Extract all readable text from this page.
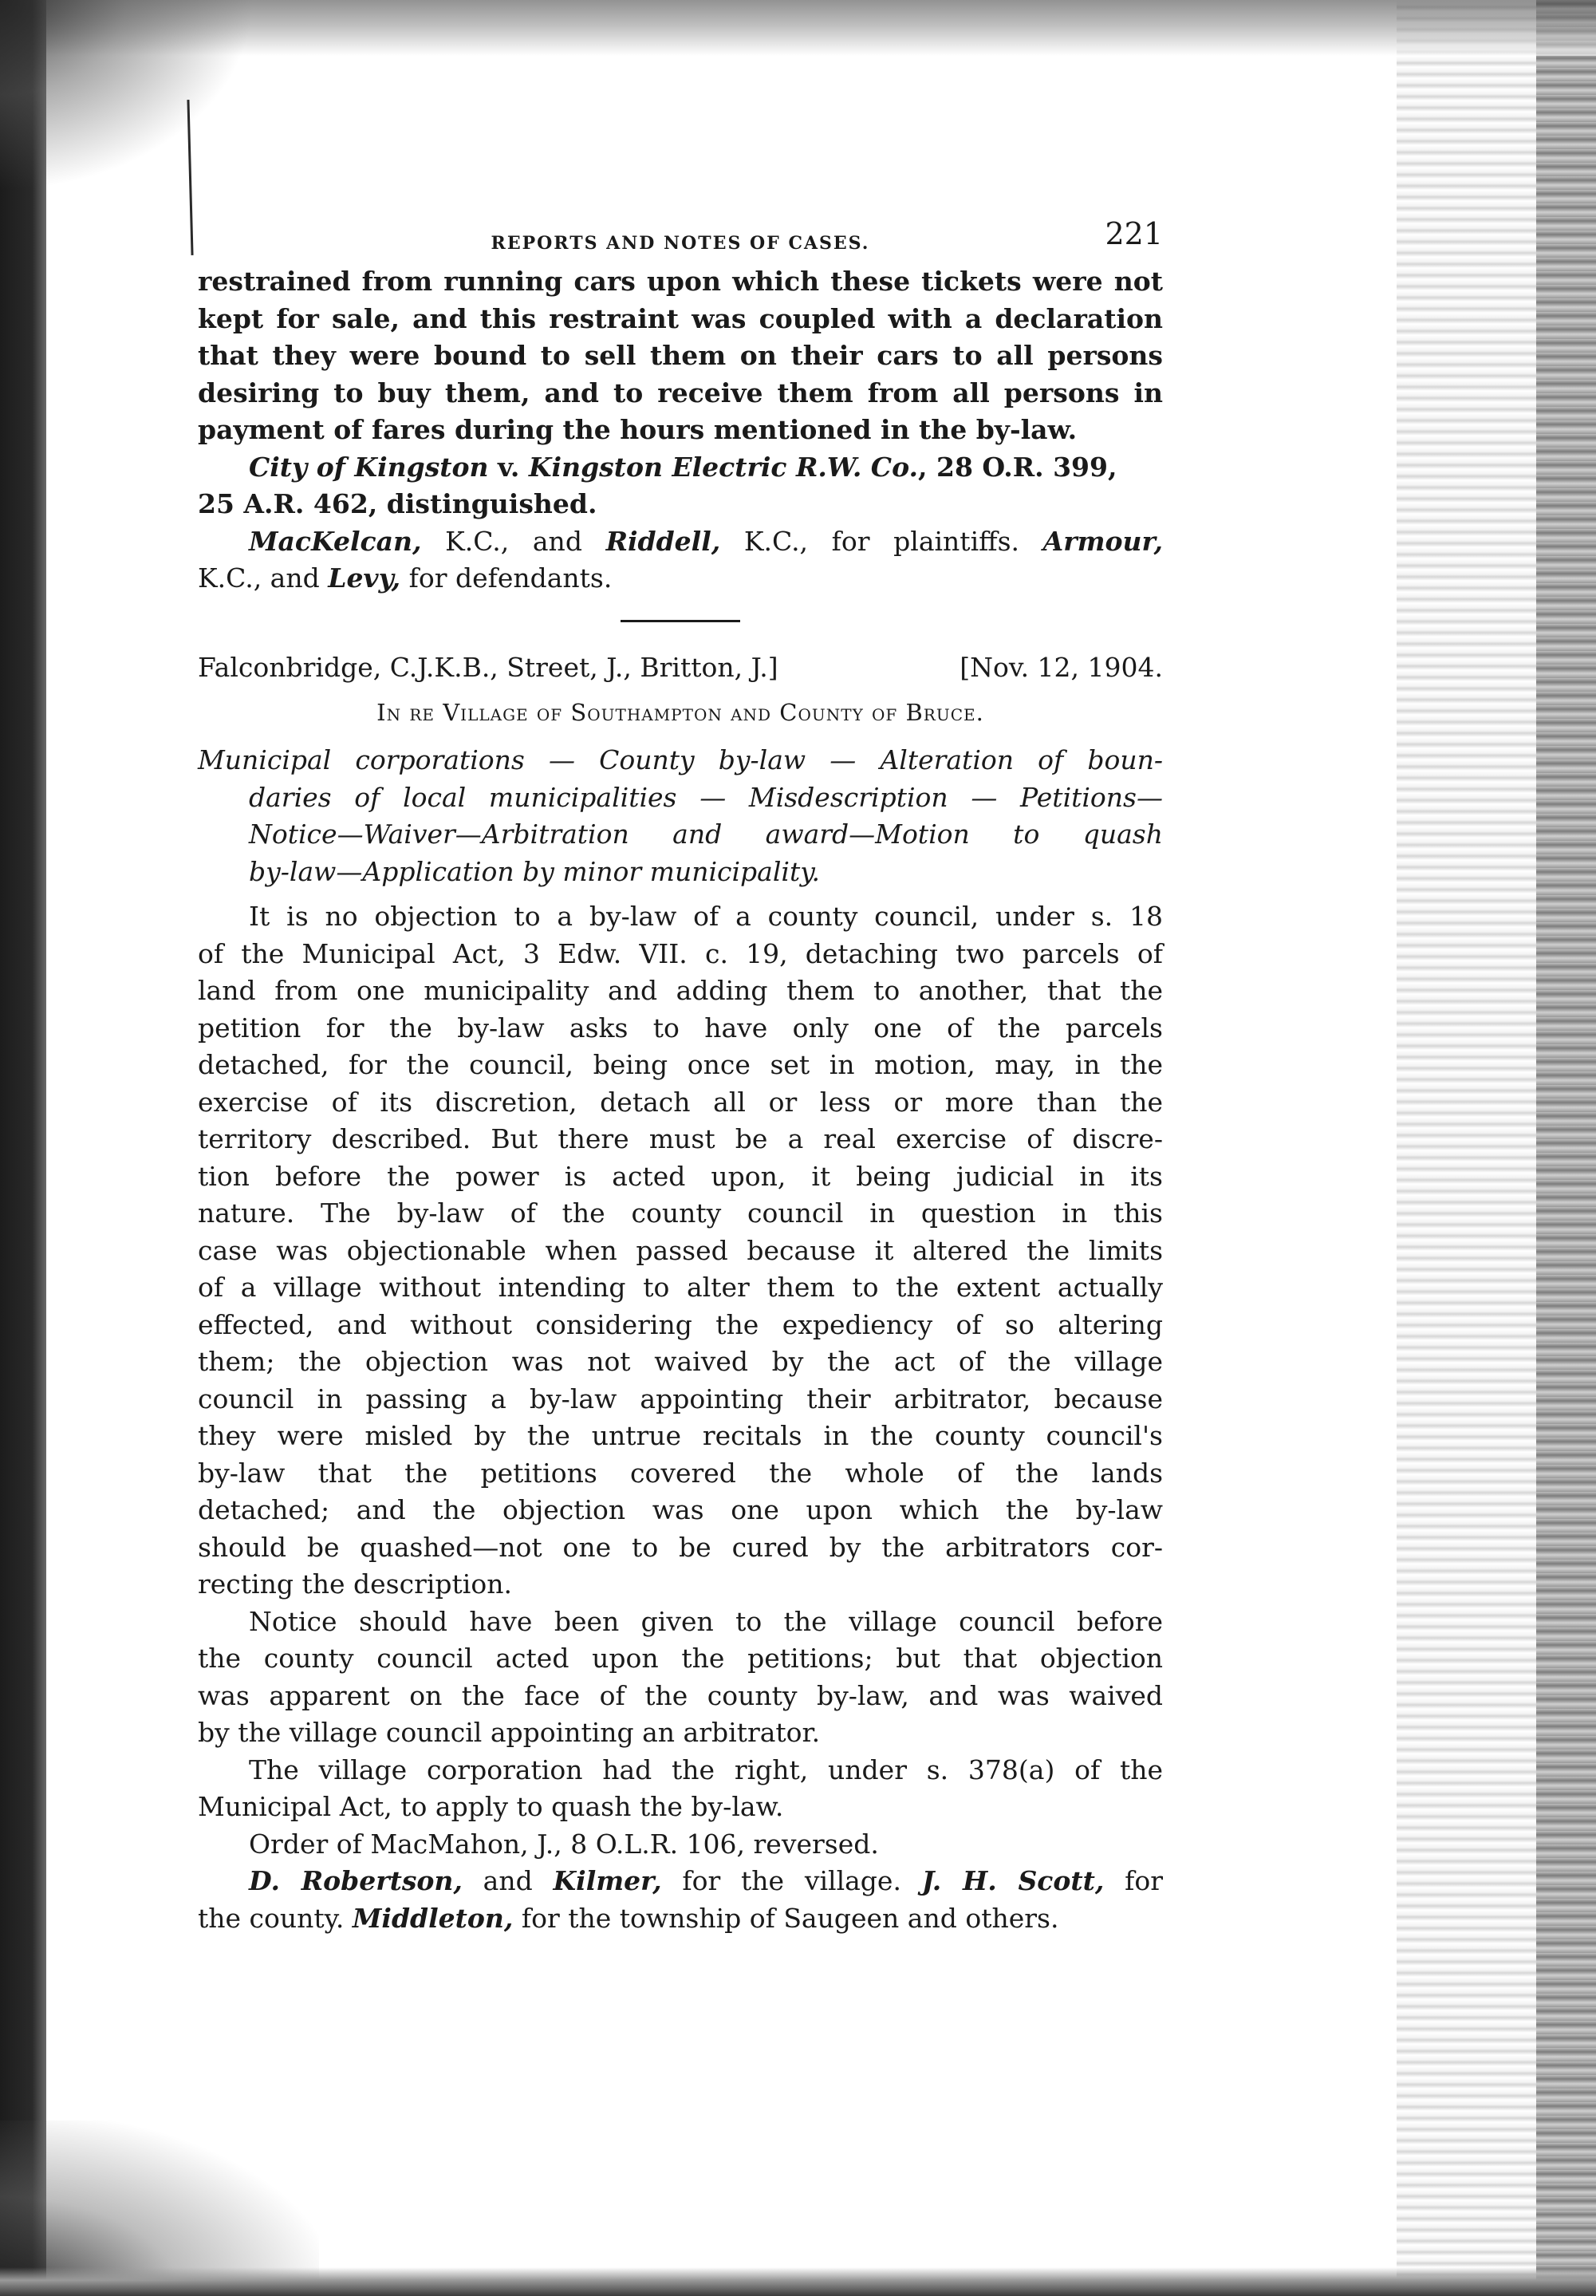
REPORTS AND NOTES OF CASES.	221
restrained from running cars upon which these tickets were not
kept for sale, and this restraint was coupled with a declaration
that they were bound to sell them on their cars to all persons
desiring to buy them, and to receive them from all persons in
payment of fares during the hours mentioned in the by-law.
City of Kingston v. Kingston Electric R.W. Co., 28 O.R. 399,
25 A.R. 462, distinguished.
MacKelcan, K.C., and Riddell, K.C., for plaintiffs. Armour,
K.C., and Levy, for defendants.
Falconbridge, C.J.K.B., Street, J., Britton, J.]	[Nov. 12, 1904.
In re Village of Southampton and County of Bruce.
Municipal corporations — County by-law — Alteration of boun-
daries of local municipalities — Misdescription — Petitions—
Notice—Waiver—Arbitration and award—Motion to quash
by-law—Application by minor municipality.
It is no objection to a by-law of a county council, under s. 18
of the Municipal Act, 3 Edw. VII. c. 19, detaching two parcels of
land from one municipality and adding them to another, that the
petition for the by-law asks to have only one of the parcels
detached, for the council, being once set in motion, may, in the
exercise of its discretion, detach all or less or more than the
territory described. But there must be a real exercise of discre-
tion before the power is acted upon, it being judicial in its
nature. The by-law of the county council in question in this
case was objectionable when passed because it altered the limits
of a village without intending to alter them to the extent actually
effected, and without considering the expediency of so altering
them; the objection was not waived by the act of the village
council in passing a by-law appointing their arbitrator, because
they were misled by the untrue recitals in the county council's
by-law that the petitions covered the whole of the lands
detached; and the objection was one upon which the by-law
should be quashed—not one to be cured by the arbitrators cor-
recting the description.
Notice should have been given to the village council before
the county council acted upon the petitions; but that objection
was apparent on the face of the county by-law, and was waived
by the village council appointing an arbitrator.
The village corporation had the right, under s. 378(a) of the
Municipal Act, to apply to quash the by-law.
Order of MacMahon, J., 8 O.L.R. 106, reversed.
D. Robertson, and Kilmer, for the village. J. H. Scott, for
the county. Middleton, for the township of Saugeen and others.
